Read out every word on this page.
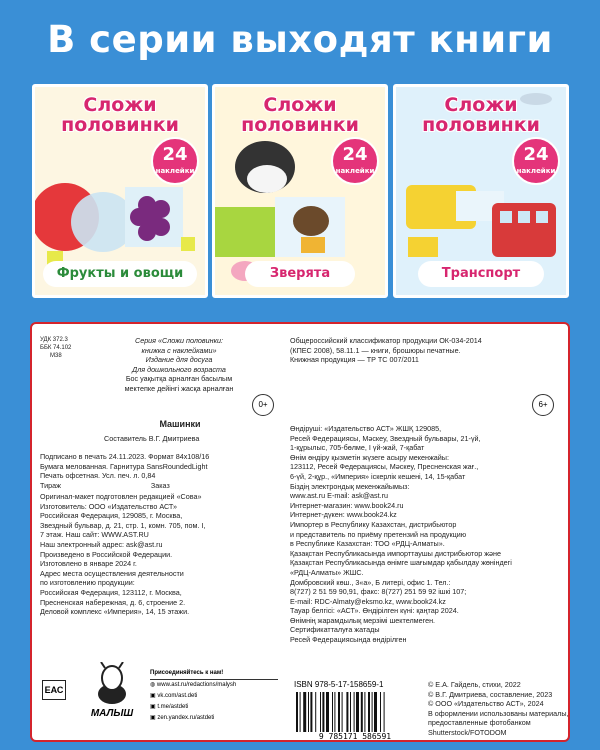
В серии выходят книги
Сложи
половинки
24
наклейки
Фрукты и овощи
Сложи
половинки
24
наклейки
Зверята
Сложи
половинки
24
наклейки
Транспорт
УДК 372.3
ББК 74.102
М38
Серия «Сложи половинки:
книжка с наклейками»
Издание для досуга
Для дошкольного возраста
Бос уақытқа арналған басылым
мектепке дейінгі жасқа арналған
0+
Машинки
Составитель В.Г. Дмитриева
Подписано в печать 24.11.2023. Формат 84х108/16
Бумага мелованная. Гарнитура SansRoundedLight
Печать офсетная. Усл. печ. л. 0,84
Тираж	Заказ
Оригинал-макет подготовлен редакцией «Сова»
Изготовитель: ООО «Издательство АСТ»
Российская Федерация, 129085, г. Москва,
Звездный бульвар, д. 21, стр. 1, комн. 705, пом. I,
7 этаж. Наш сайт: WWW.AST.RU
Наш электронный адрес: ask@ast.ru
Произведено в Российской Федерации.
Изготовлено в январе 2024 г.
Адрес места осуществления деятельности
по изготовлению продукции:
Российская Федерация, 123112, г. Москва,
Пресненская набережная, д. 6, строение 2.
Деловой комплекс «Империя», 14, 15 этажи.
Общероссийский классификатор продукции ОК-034-2014
(КПЕС 2008), 58.11.1 — книги, брошюры печатные.
Книжная продукция — ТР ТС 007/2011
6+
Өндіруші: «Издательство АСТ» ЖШҚ 129085,
Ресей Федерациясы, Мәскеу, Звездный бульвары, 21-үй,
1-құрылыс, 705-бөлме, I үй-жай, 7-қабат
Өнім өндіру қызметін жүзеге асыру мекенжайы:
123112, Ресей Федерациясы, Мәскеу, Пресненская жағ.,
6-үй, 2-құр., «Империя» іскерлік кешені, 14, 15-қабат
Біздің электрондық мекенжайымыз:
www.ast.ru E-mail: ask@ast.ru
Интернет-магазин: www.book24.ru
Интернет-дүкен: www.book24.kz
Импортер в Республику Казахстан, дистрибьютор
и представитель по приёму претензий на продукцию
в Республике Казахстан: ТОО «РДЦ-Алматы».
Қазақстан Республикасында импорттаушы дистрибьютор және
Қазақстан Республикасында өнімге шағымдар қабылдау жөніндегі
«РДЦ-Алматы» ЖШС.
Домбровский көш., 3«а», Б литері, офис 1. Тел.:
8(727) 2 51 59 90,91, факс: 8(727) 251 59 92 ішкі 107;
E-mail: RDC-Almaty@eksmo.kz, www.book24.kz
Тауар белгісі: «АСТ». Өндірілген күні: қаңтар 2024.
Өнімнің жарамдылық мерзімі шектелмеген.
Сертификатталуға жатады
Ресей Федерациясында өндірілген
ЕАС
МАЛЫШ
Присоединяйтесь к нам!
◍ www.ast.ru/redactions/malysh
▣ vk.com/ast.deti
▣ t.me/astdeti
▣ zen.yandex.ru/astdeti
ISBN 978-5-17-158659-1
9 785171 586591
© Е.А. Гайдель, стихи, 2022
© В.Г. Дмитриева, составление, 2023
© ООО «Издательство АСТ», 2024
В оформлении использованы материалы,
предоставленные фотобанком
Shutterstock/FOTODOM
